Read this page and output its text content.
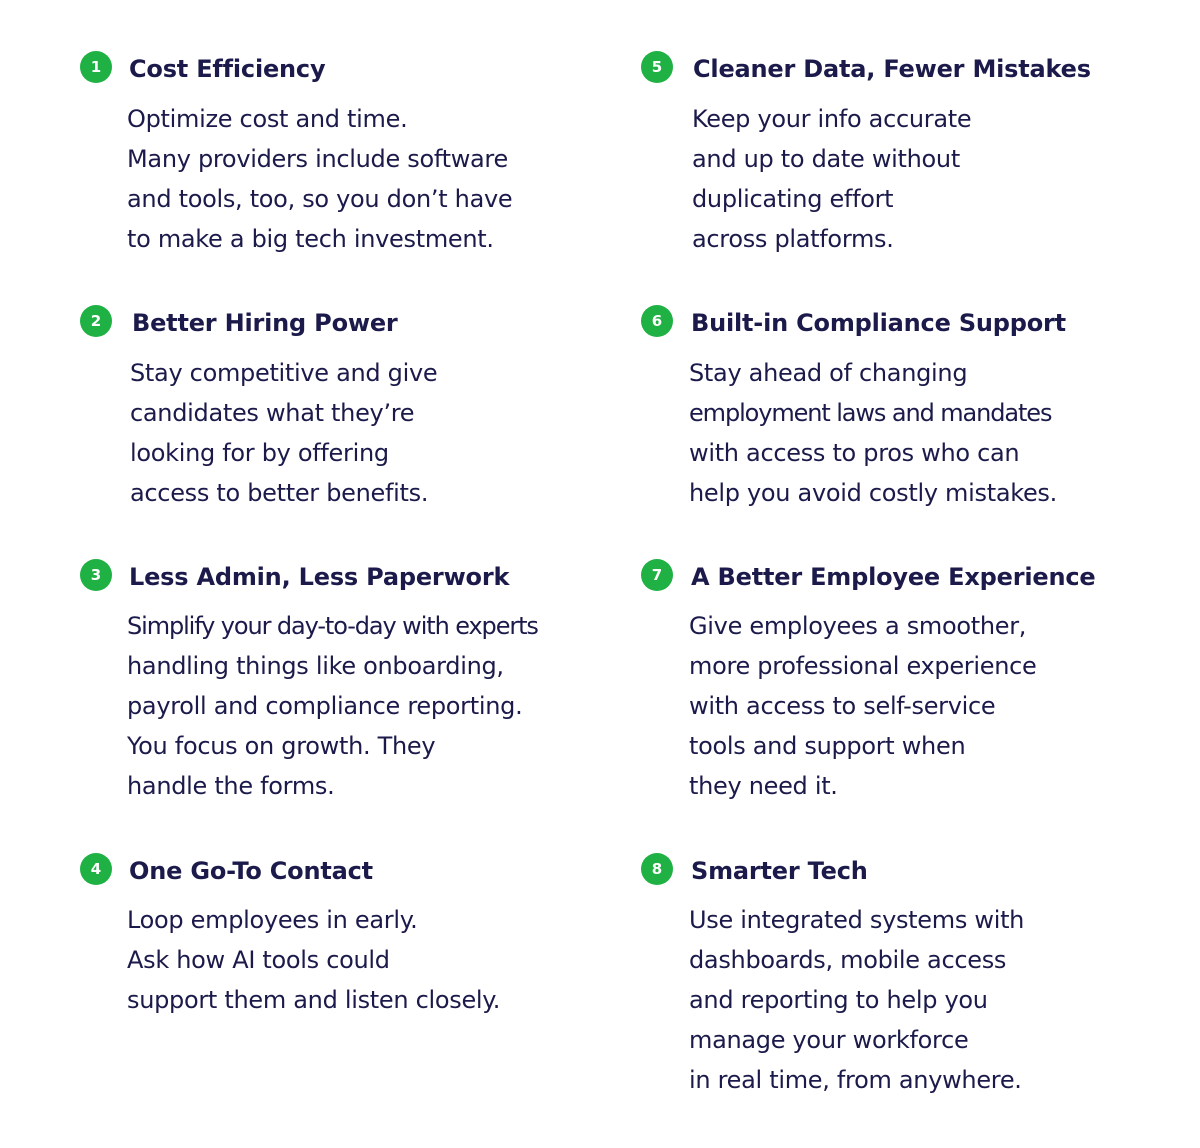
1	Cost Efficiency
Optimize cost and time.
Many providers include software
and tools, too, so you don’t have
to make a big tech investment.
2	Better Hiring Power
Stay competitive and give
candidates what they’re
looking for by offering
access to better benefits.
3	Less Admin, Less Paperwork
Simplify your day-to-day with experts
handling things like onboarding,
payroll and compliance reporting.
You focus on growth. They
handle the forms.
4	One Go-To Contact
Loop employees in early.
Ask how AI tools could
support them and listen closely.
5	Cleaner Data, Fewer Mistakes
Keep your info accurate
and up to date without
duplicating effort
across platforms.
6	Built-in Compliance Support
Stay ahead of changing
employment laws and mandates
with access to pros who can
help you avoid costly mistakes.
7	A Better Employee Experience
Give employees a smoother,
more professional experience
with access to self-service
tools and support when
they need it.
8	Smarter Tech
Use integrated systems with
dashboards, mobile access
and reporting to help you
manage your workforce
in real time, from anywhere.
